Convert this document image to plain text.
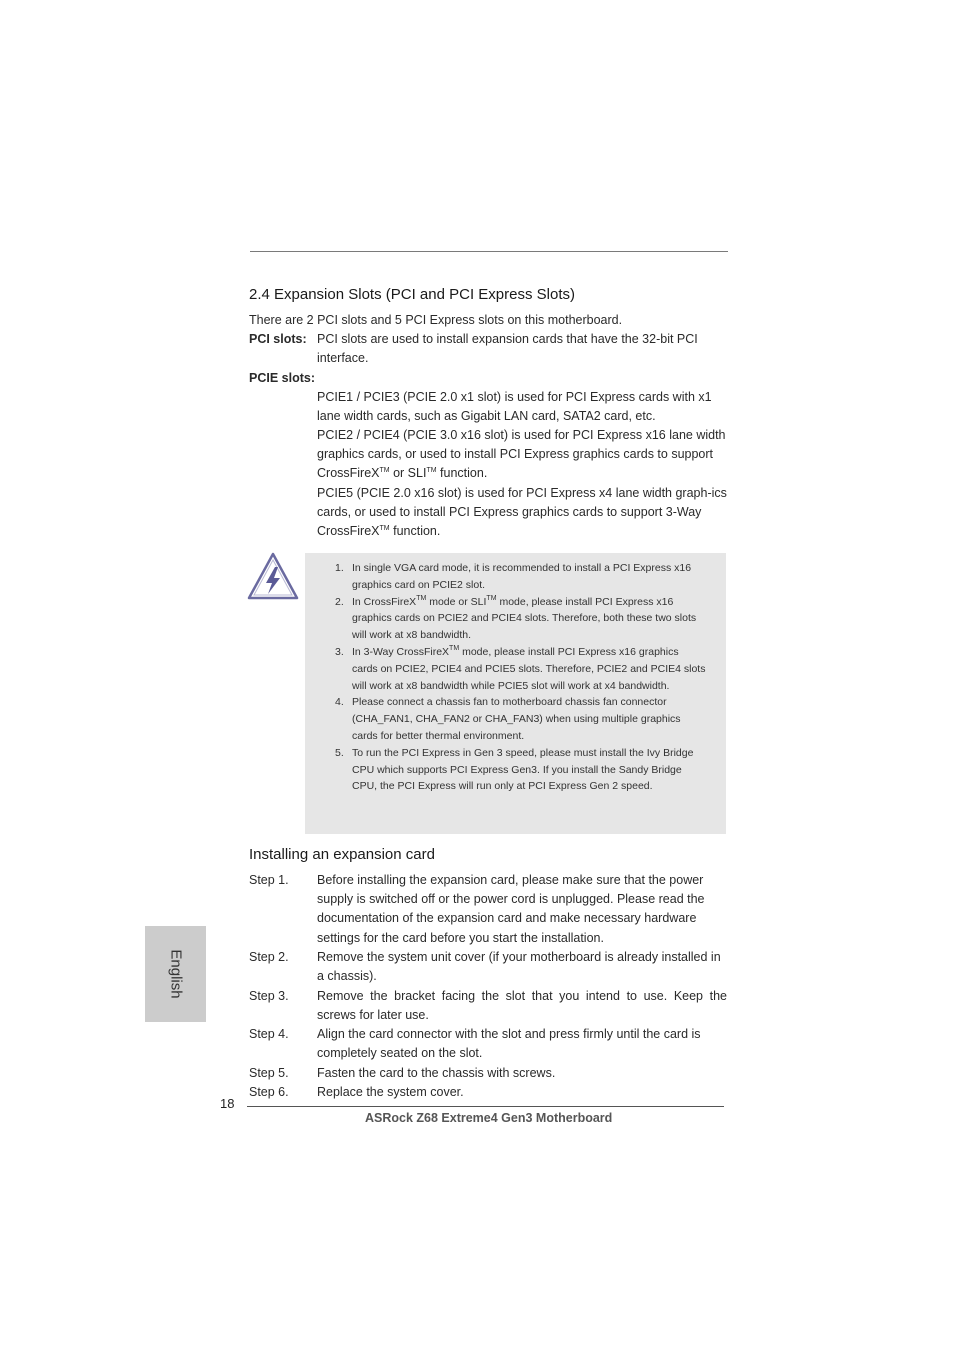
2.4 Expansion Slots (PCI and PCI Express Slots)
There are 2 PCI slots and 5 PCI Express slots on this motherboard.
PCI slots: PCI slots are used to install expansion cards that have the 32-bit PCI interface.
PCIE slots:
PCIE1 / PCIE3 (PCIE 2.0 x1 slot) is used for PCI Express cards with x1 lane width cards, such as Gigabit LAN card, SATA2 card, etc.
PCIE2 / PCIE4 (PCIE 3.0 x16 slot) is used for PCI Express x16 lane width graphics cards, or used to install PCI Express graphics cards to support CrossFireX™ or SLI™ function.
PCIE5 (PCIE 2.0 x16 slot) is used for PCI Express x4 lane width graph-ics cards, or used to install PCI Express graphics cards to support 3-Way CrossFireX™ function.
1. In single VGA card mode, it is recommended to install a PCI Express x16 graphics card on PCIE2 slot.
2. In CrossFireX™ mode or SLI™ mode, please install PCI Express x16 graphics cards on PCIE2 and PCIE4 slots. Therefore, both these two slots will work at x8 bandwidth.
3. In 3-Way CrossFireX™ mode, please install PCI Express x16 graphics cards on PCIE2, PCIE4 and PCIE5 slots. Therefore, PCIE2 and PCIE4 slots will work at x8 bandwidth while PCIE5 slot will work at x4 bandwidth.
4. Please connect a chassis fan to motherboard chassis fan connector (CHA_FAN1, CHA_FAN2 or CHA_FAN3) when using multiple graphics cards for better thermal environment.
5. To run the PCI Express in Gen 3 speed, please must install the Ivy Bridge CPU which supports PCI Express Gen3. If you install the Sandy Bridge CPU, the PCI Express will run only at PCI Express Gen 2 speed.
Installing an expansion card
Step 1. Before installing the expansion card, please make sure that the power supply is switched off or the power cord is unplugged. Please read the documentation of the expansion card and make necessary hardware settings for the card before you start the installation.
Step 2. Remove the system unit cover (if your motherboard is already installed in a chassis).
Step 3. Remove the bracket facing the slot that you intend to use. Keep the screws for later use.
Step 4. Align the card connector with the slot and press firmly until the card is completely seated on the slot.
Step 5. Fasten the card to the chassis with screws.
Step 6. Replace the system cover.
18
ASRock Z68 Extreme4 Gen3 Motherboard
English
